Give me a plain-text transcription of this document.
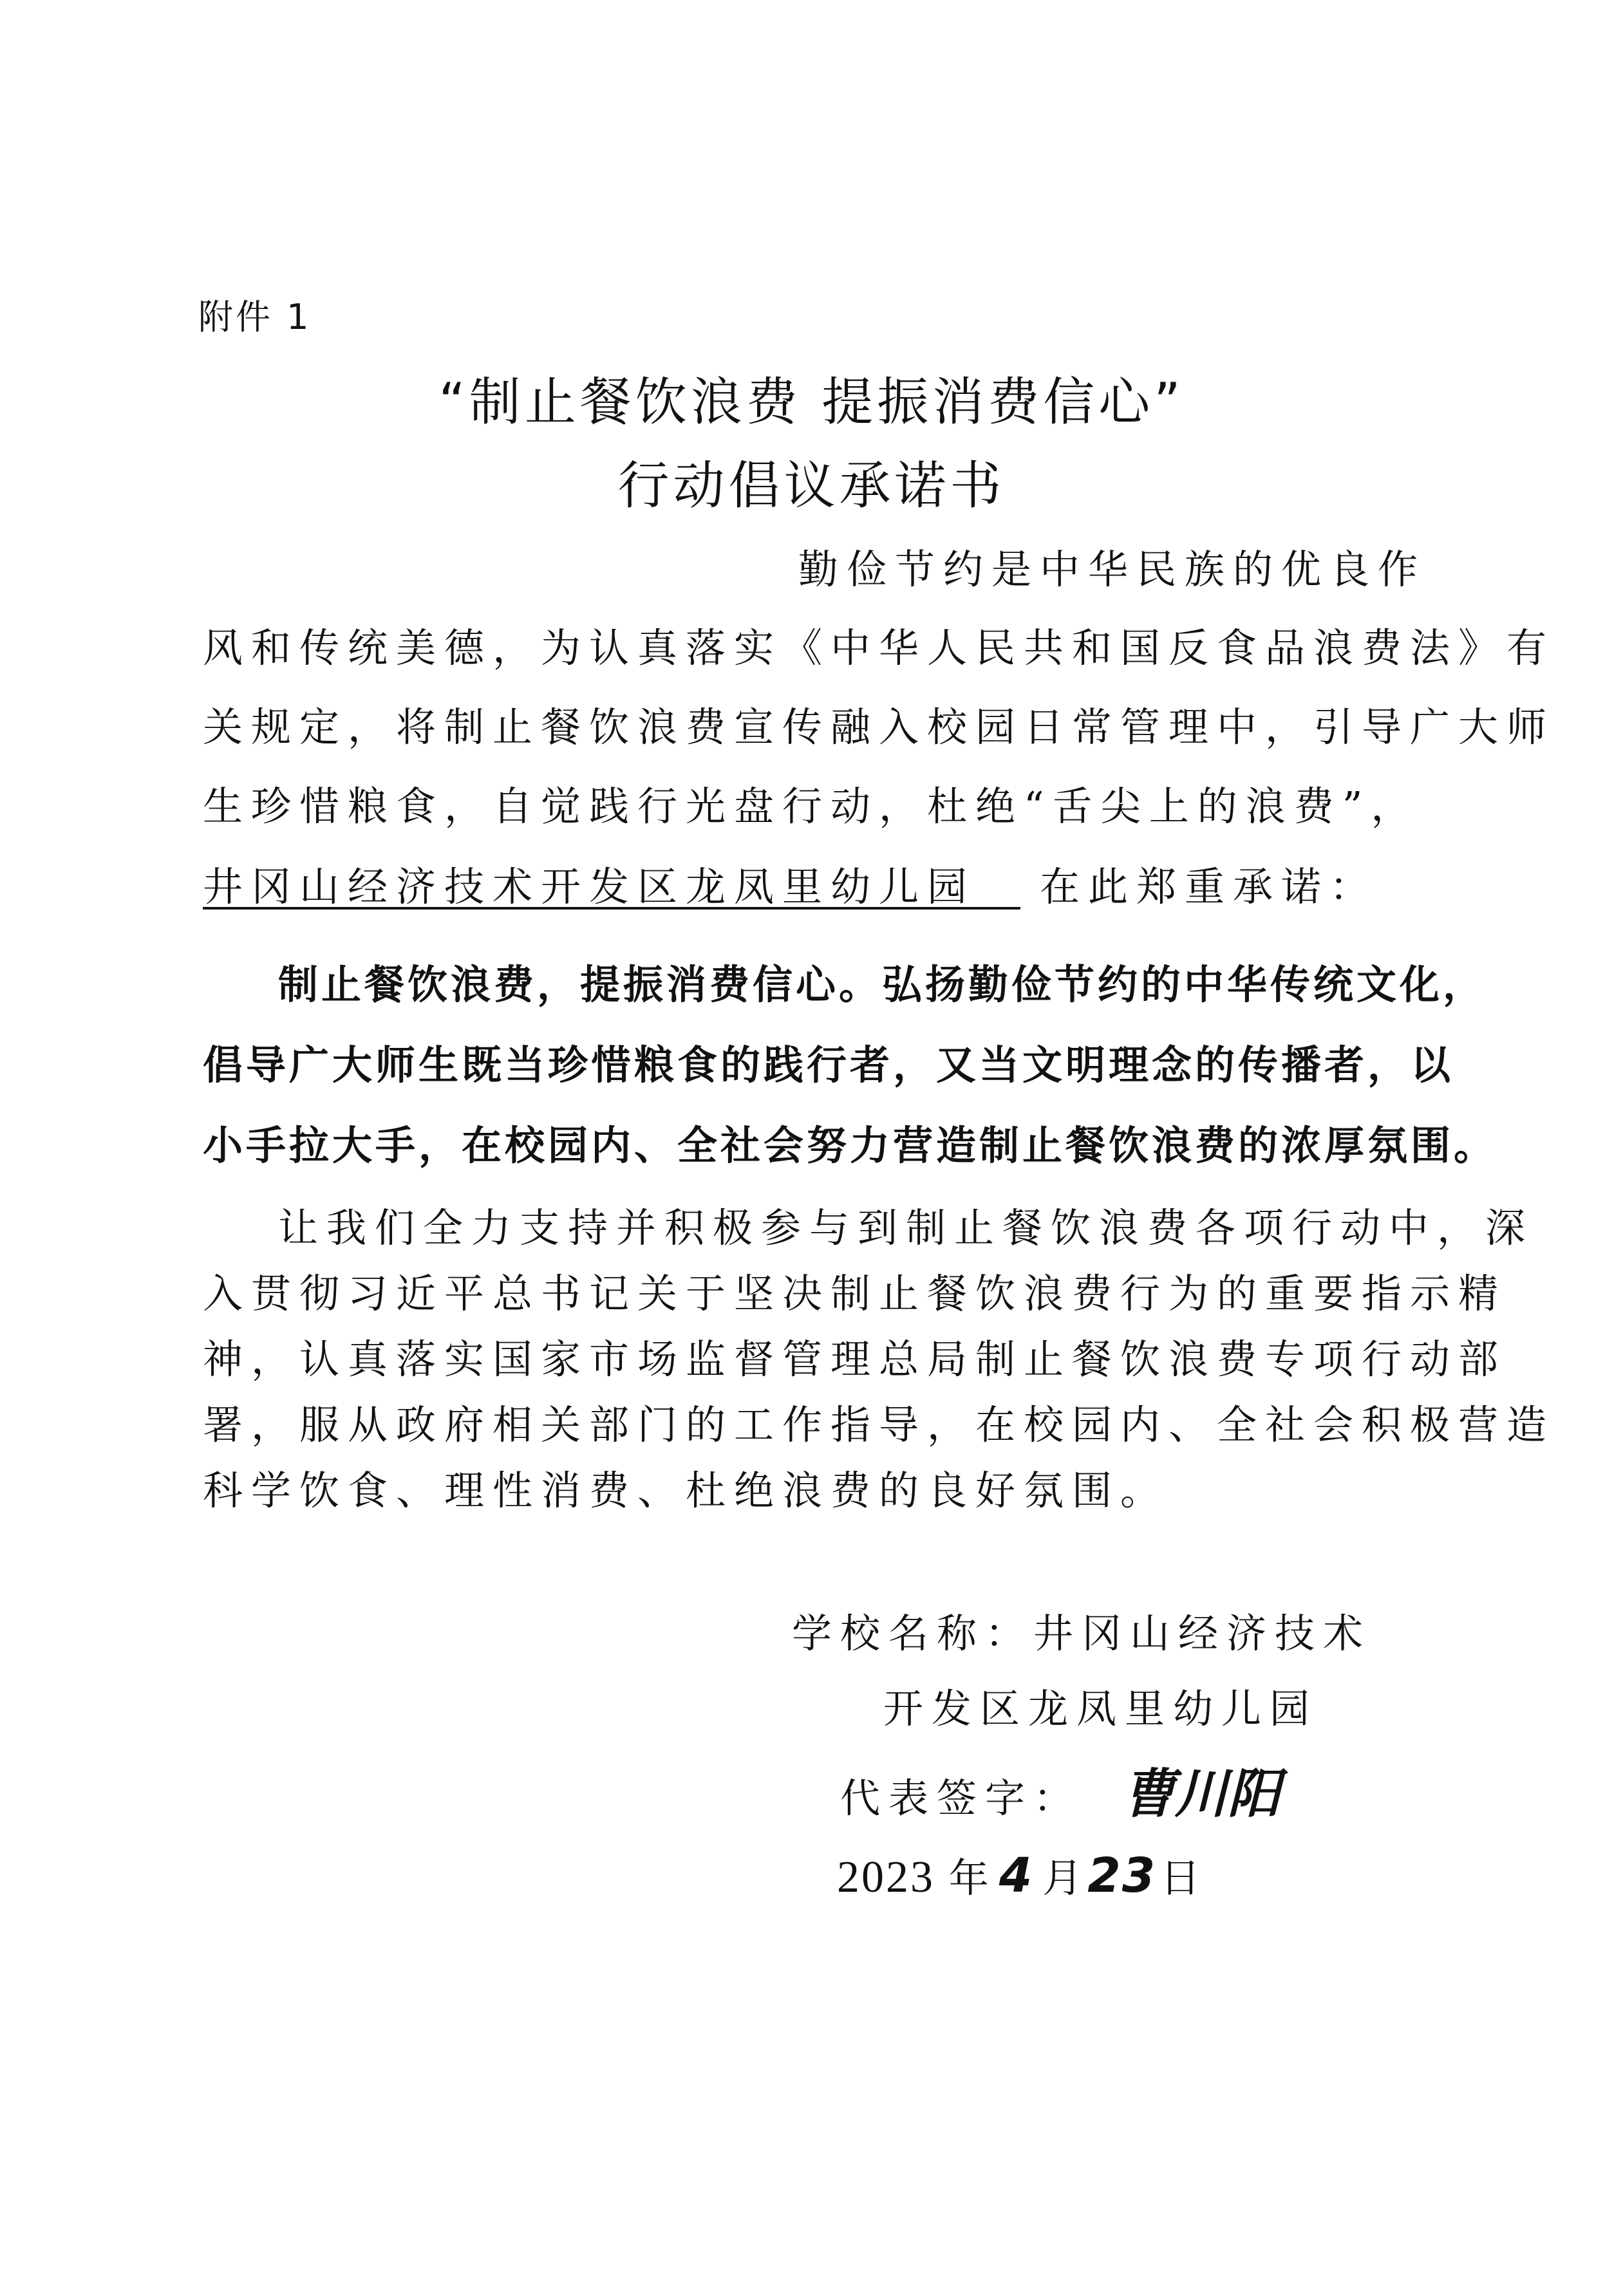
附件 1
“制止餐饮浪费 提振消费信心”
行动倡议承诺书
勤俭节约是中华民族的优良作
风和传统美德，为认真落实《中华人民共和国反食品浪费法》有
关规定，将制止餐饮浪费宣传融入校园日常管理中，引导广大师
生珍惜粮食，自觉践行光盘行动，杜绝“舌尖上的浪费”，
井冈山经济技术开发区龙凤里幼儿园 在此郑重承诺：
制止餐饮浪费，提振消费信心。弘扬勤俭节约的中华传统文化，
倡导广大师生既当珍惜粮食的践行者，又当文明理念的传播者，以
小手拉大手，在校园内、全社会努力营造制止餐饮浪费的浓厚氛围。
让我们全力支持并积极参与到制止餐饮浪费各项行动中，深
入贯彻习近平总书记关于坚决制止餐饮浪费行为的重要指示精
神，认真落实国家市场监督管理总局制止餐饮浪费专项行动部
署，服从政府相关部门的工作指导，在校园内、全社会积极营造
科学饮食、理性消费、杜绝浪费的良好氛围。
学校名称：井冈山经济技术
开发区龙凤里幼儿园
代表签字： 曹川阳
2023 年 4 月23日
